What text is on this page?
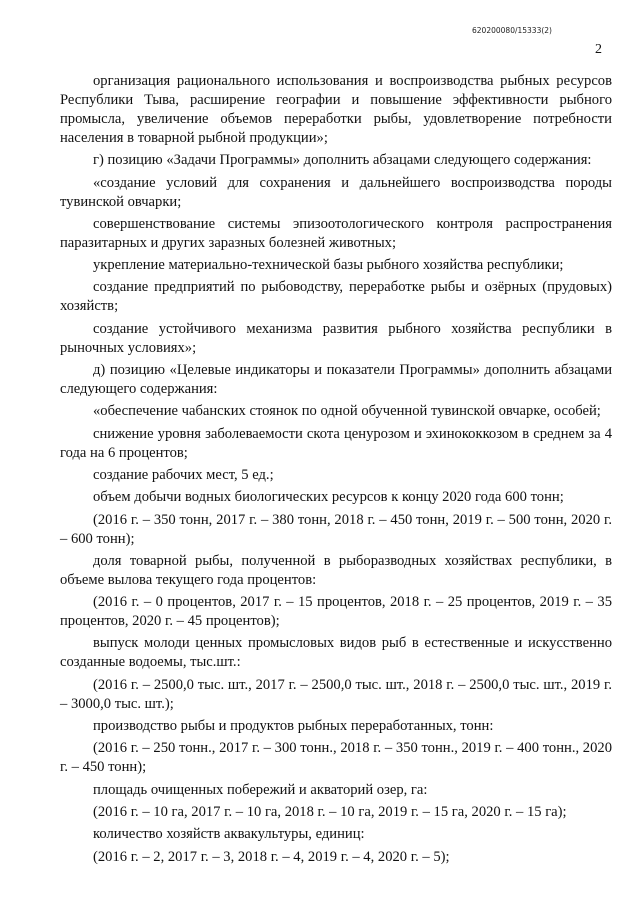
620200080/15333(2)
2

организация рационального использования и воспроизводства рыбных ресурсов Республики Тыва, расширение географии и повышение эффективности рыбного промысла, увеличение объемов переработки рыбы, удовлетворение потребности населения в товарной рыбной продукции»;

г) позицию «Задачи Программы» дополнить абзацами следующего содержания:

«создание условий для сохранения и дальнейшего воспроизводства породы тувинской овчарки;

совершенствование системы эпизоотологического контроля распространения паразитарных и других заразных болезней животных;

укрепление материально-технической базы рыбного хозяйства республики;

создание предприятий по рыбоводству, переработке рыбы и озёрных (прудовых) хозяйств;

создание устойчивого механизма развития рыбного хозяйства республики в рыночных условиях»;

д) позицию «Целевые индикаторы и показатели Программы» дополнить абзацами следующего содержания:

«обеспечение чабанских стоянок по одной обученной тувинской овчарке, особей;

снижение уровня заболеваемости скота ценурозом и эхинококкозом в среднем за 4 года на 6 процентов;

создание рабочих мест, 5 ед.;

объем добычи водных биологических ресурсов к концу 2020 года 600 тонн;

(2016 г. – 350 тонн, 2017 г. – 380 тонн, 2018 г. – 450 тонн, 2019 г. – 500 тонн, 2020 г. – 600 тонн);

доля товарной рыбы, полученной в рыборазводных хозяйствах республики, в объеме вылова текущего года процентов:

(2016 г. – 0 процентов, 2017 г. – 15 процентов, 2018 г. – 25 процентов, 2019 г. – 35 процентов, 2020 г. – 45 процентов);

выпуск молоди ценных промысловых видов рыб в естественные и искусственно созданные водоемы, тыс.шт.:

(2016 г. – 2500,0 тыс. шт., 2017 г. – 2500,0 тыс. шт., 2018 г. – 2500,0 тыс. шт., 2019 г. – 3000,0 тыс. шт.);

производство рыбы и продуктов рыбных переработанных, тонн:

(2016 г. – 250 тонн., 2017 г. – 300 тонн., 2018 г. – 350 тонн., 2019 г. – 400 тонн., 2020 г. – 450 тонн);

площадь очищенных побережий и акваторий озер, га:

(2016 г. – 10 га, 2017 г. – 10 га, 2018 г. – 10 га, 2019 г. – 15 га, 2020 г. – 15 га);

количество хозяйств аквакультуры, единиц:

(2016 г. – 2, 2017 г. – 3, 2018 г. – 4, 2019 г. – 4, 2020 г. – 5);
